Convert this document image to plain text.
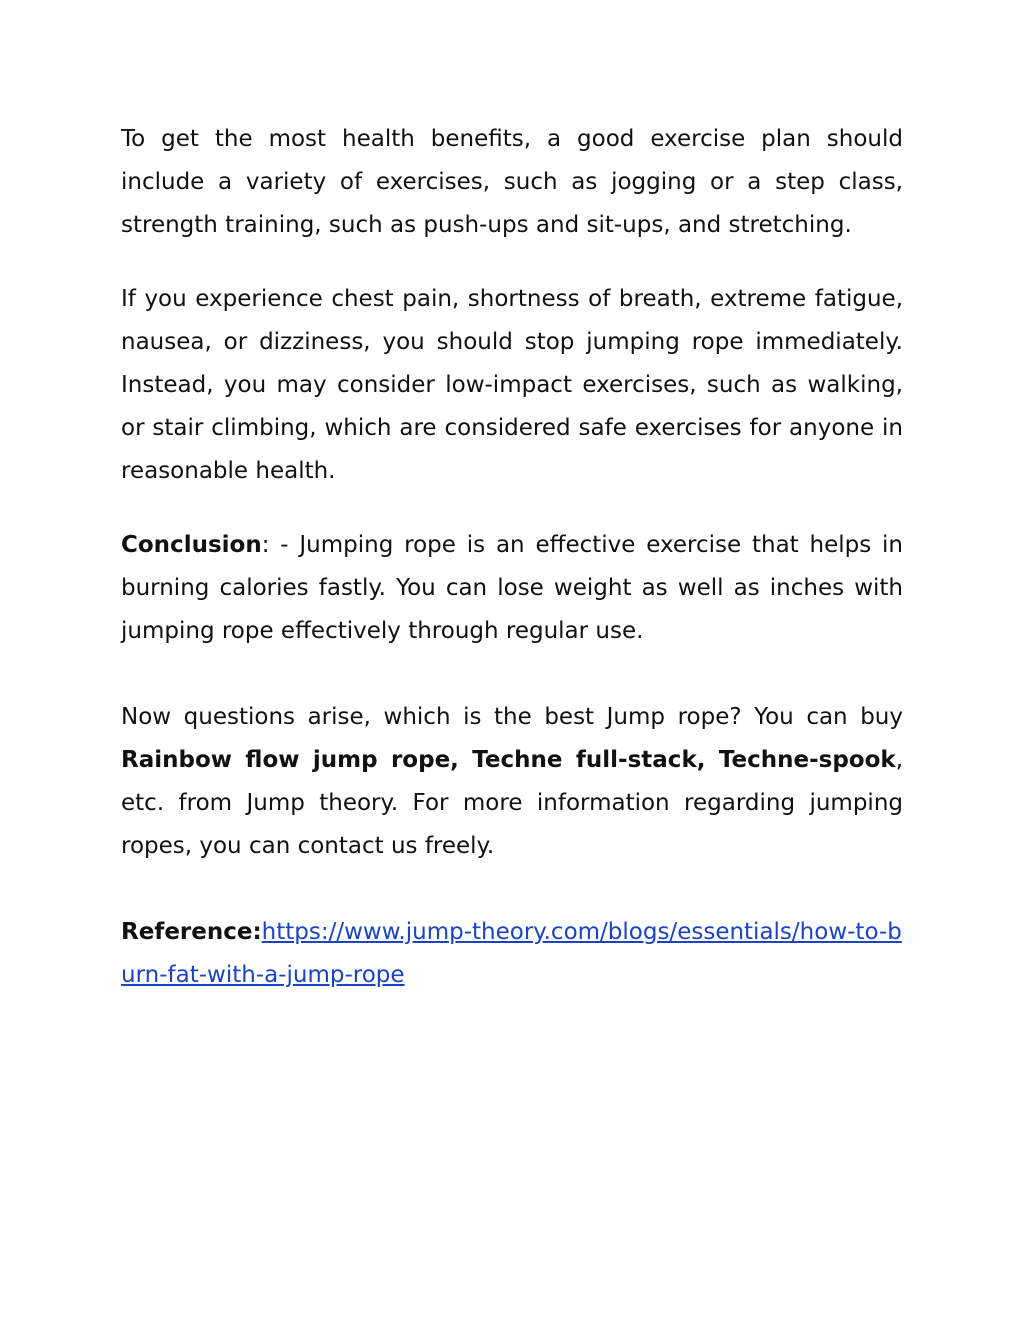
To get the most health benefits, a good exercise plan should include a variety of exercises, such as jogging or a step class, strength training, such as push-ups and sit-ups, and stretching.

If you experience chest pain, shortness of breath, extreme fatigue, nausea, or dizziness, you should stop jumping rope immediately. Instead, you may consider low-impact exercises, such as walking, or stair climbing, which are considered safe exercises for anyone in reasonable health.

Conclusion: - Jumping rope is an effective exercise that helps in burning calories fastly. You can lose weight as well as inches with jumping rope effectively through regular use.

Now questions arise, which is the best Jump rope? You can buy Rainbow flow jump rope, Techne full-stack, Techne-spook, etc. from Jump theory. For more information regarding jumping ropes, you can contact us freely.

Reference:https://www.jump-theory.com/blogs/essentials/how-to-burn-fat-with-a-jump-rope
